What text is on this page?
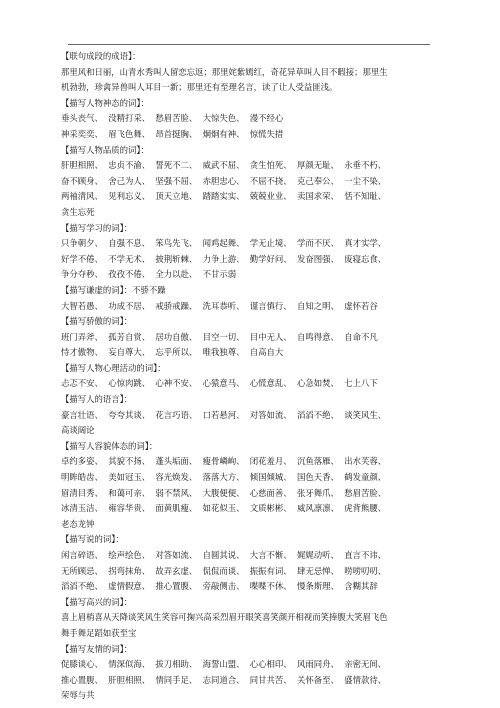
【联句成段的成语】：
那里风和日丽，山青水秀叫人留恋忘返；那里姹紫嫣红，奇花异草叫人目不暇接；那里生
机勃勃，珍禽异兽叫人耳目一新；那里还有至理名言，读了让人受益匪浅。
【描写人物神态的词】：
垂头丧气、  没精打采、  愁眉苦脸、  大惊失色、  漫不经心
神采奕奕、  眉飞色舞、  昂首挺胸、  炯炯有神、  惊慌失措
【描写人物品质的词】：
肝胆相照、  忠贞不渝、  誓死不二、  威武不屈、  贪生怕死、  厚颜无耻、  永垂不朽、
奋不顾身、  舍己为人、  坚强不屈、  赤胆忠心、  不屈不挠、  克己奉公、  一尘不染、
两袖清风、  见利忘义、  顶天立地、  踏踏实实、  兢兢业业、  卖国求荣、  恬不知耻、
贪生忘死
【描写学习的词】：
只争朝夕、  自强不息、  笨鸟先飞、  闻鸡起舞、  学无止境、  学而不厌、  真才实学、
好学不倦、  不学无术、  披荆斩棘、  力争上游、  勤学好问、  发奋图强、  废寝忘食、
争分夺秒、  孜孜不倦、  全力以赴、  不甘示弱
【描写谦虚的词】：不骄不躁
大智若愚、  功成不居、  戒骄戒躁、  洗耳恭听、  谨言慎行、  自知之明、  虚怀若谷
【描写骄傲的词】：
班门弄斧、  孤芳自赏、  居功自傲、  目空一切、  目中无人、  自鸣得意、  自命不凡
恃才傲物、  妄自尊大、  忘乎所以、  唯我独尊、  自高自大
【描写人物心理活动的词】：
忐忑不安、  心惊肉跳、  心神不安、  心猿意马、  心慌意乱、  心急如焚、  七上八下
【描写人的语言】：
豪言壮语、  夸夸其谈、  花言巧语、  口若悬河、  对答如流、  滔滔不绝、  谈笑风生、
高谈阔论
【描写人容貌体态的词】：
卓约多姿、  其貌不扬、  蓬头垢面、  瘦骨嶙峋、  闭花羞月、  沉鱼落雁、  出水芙蓉、
明眸皓齿、  美如冠玉、  容光焕发、  落落大方、  倾国倾城、  国色天香、  鹤发童颜、
眉清目秀、  和蔼可亲、  弱不禁风、  大腹便便、  心慈面善、  张牙舞爪、  愁眉苦脸、
冰清玉洁、  雍容华贵、  面黄肌瘦、  如花似玉、  文质彬彬、  威风凛凛、  虎背熊腰、
老态龙钟
【描写说的词】：
闲言碎语、  绘声绘色、  对答如流、  自圆其说、  大言不惭、  娓娓动听、  直言不讳、
无所顾忌、  拐弯抹角、  故弄玄虚、  侃侃而谈、  振振有词、  肆无忌惮、  唠唠叨叨、
滔滔不绝、  虚情假意、  推心置腹、  旁敲侧击、  喋喋不休、  慢条斯理、  含糊其辞
【描写高兴的词】：
喜上眉梢喜从天降谈笑风生笑容可掬兴高采烈眉开眼笑喜笑颜开相视而笑捧腹大笑眉飞色
舞手舞足蹈如获至宝
【描写友情的词】：
促膝谈心、  情深似海、  拔刀相助、  海誓山盟、  心心相印、  风雨同舟、  亲密无间、
推心置腹、  肝胆相照、  情同手足、  志同道合、  同甘共苦、  关怀备至、  盛情款待、
荣辱与共
